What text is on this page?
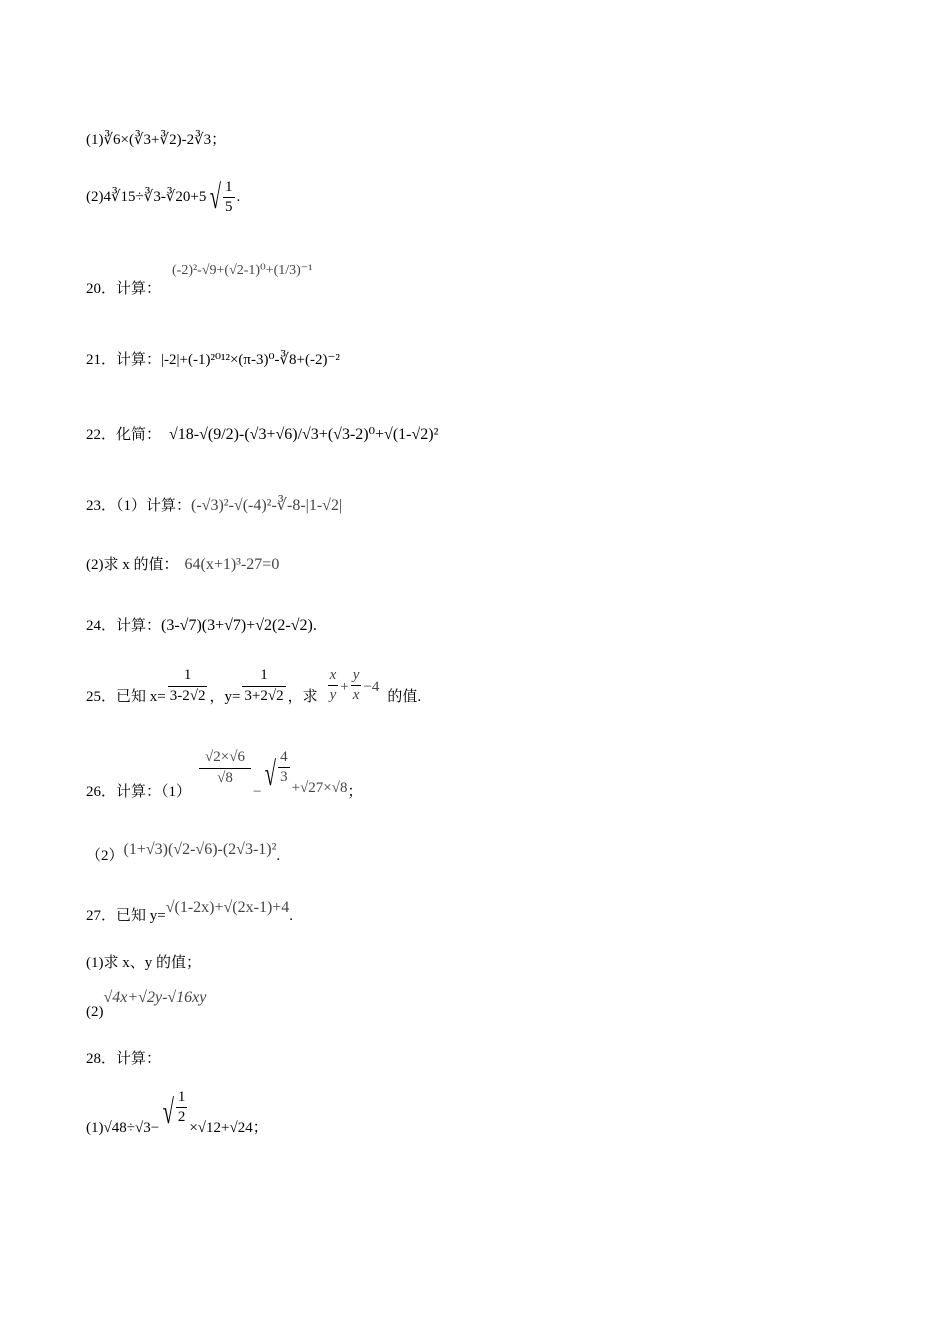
(1)∛6×(∛3+∛2)-2∛3；
(2)4∛15÷∛3-∛20+5 √ $\frac{1}{5}$ .
20．计算：
(-2)²-√9+(√2-1)⁰+(1/3)⁻¹
21．计算：|-2|+(-1)²⁰¹²×(π-3)⁰-∛8+(-2)⁻²
22．化简： √18-√(9/2)-(√3+√6)/√3+(√3-2)⁰+√(1-√2)²
23．（1）计算：(-√3)²-√(-4)²-∛-8-|1-√2|
(2)求 x 的值： 64(x+1)³-27=0
24．计算：(3-√7)(3+√7)+√2(2-√2).
25．已知 $x= \frac{1}{3-2√2}$ ，$y= \frac{1}{3+2√2}$ ，求 $\frac{x}{y} + \frac{y}{x} -4$的值.
26．计算：（1）
$\frac{√2\times√6}{√8}$
− √ $\frac{4}{3}$
+√27×√8；
（2）(1+√3)(√2-√6)-(2√3-1)².
27．已知 y=√(1-2x)+√(2x-1)+4.
(1)求 x、y 的值；
(2)√4x+√2y-√16xy
28．计算：
(1)√48÷√3− √ $\frac{1}{2}$
×√12+√24；
